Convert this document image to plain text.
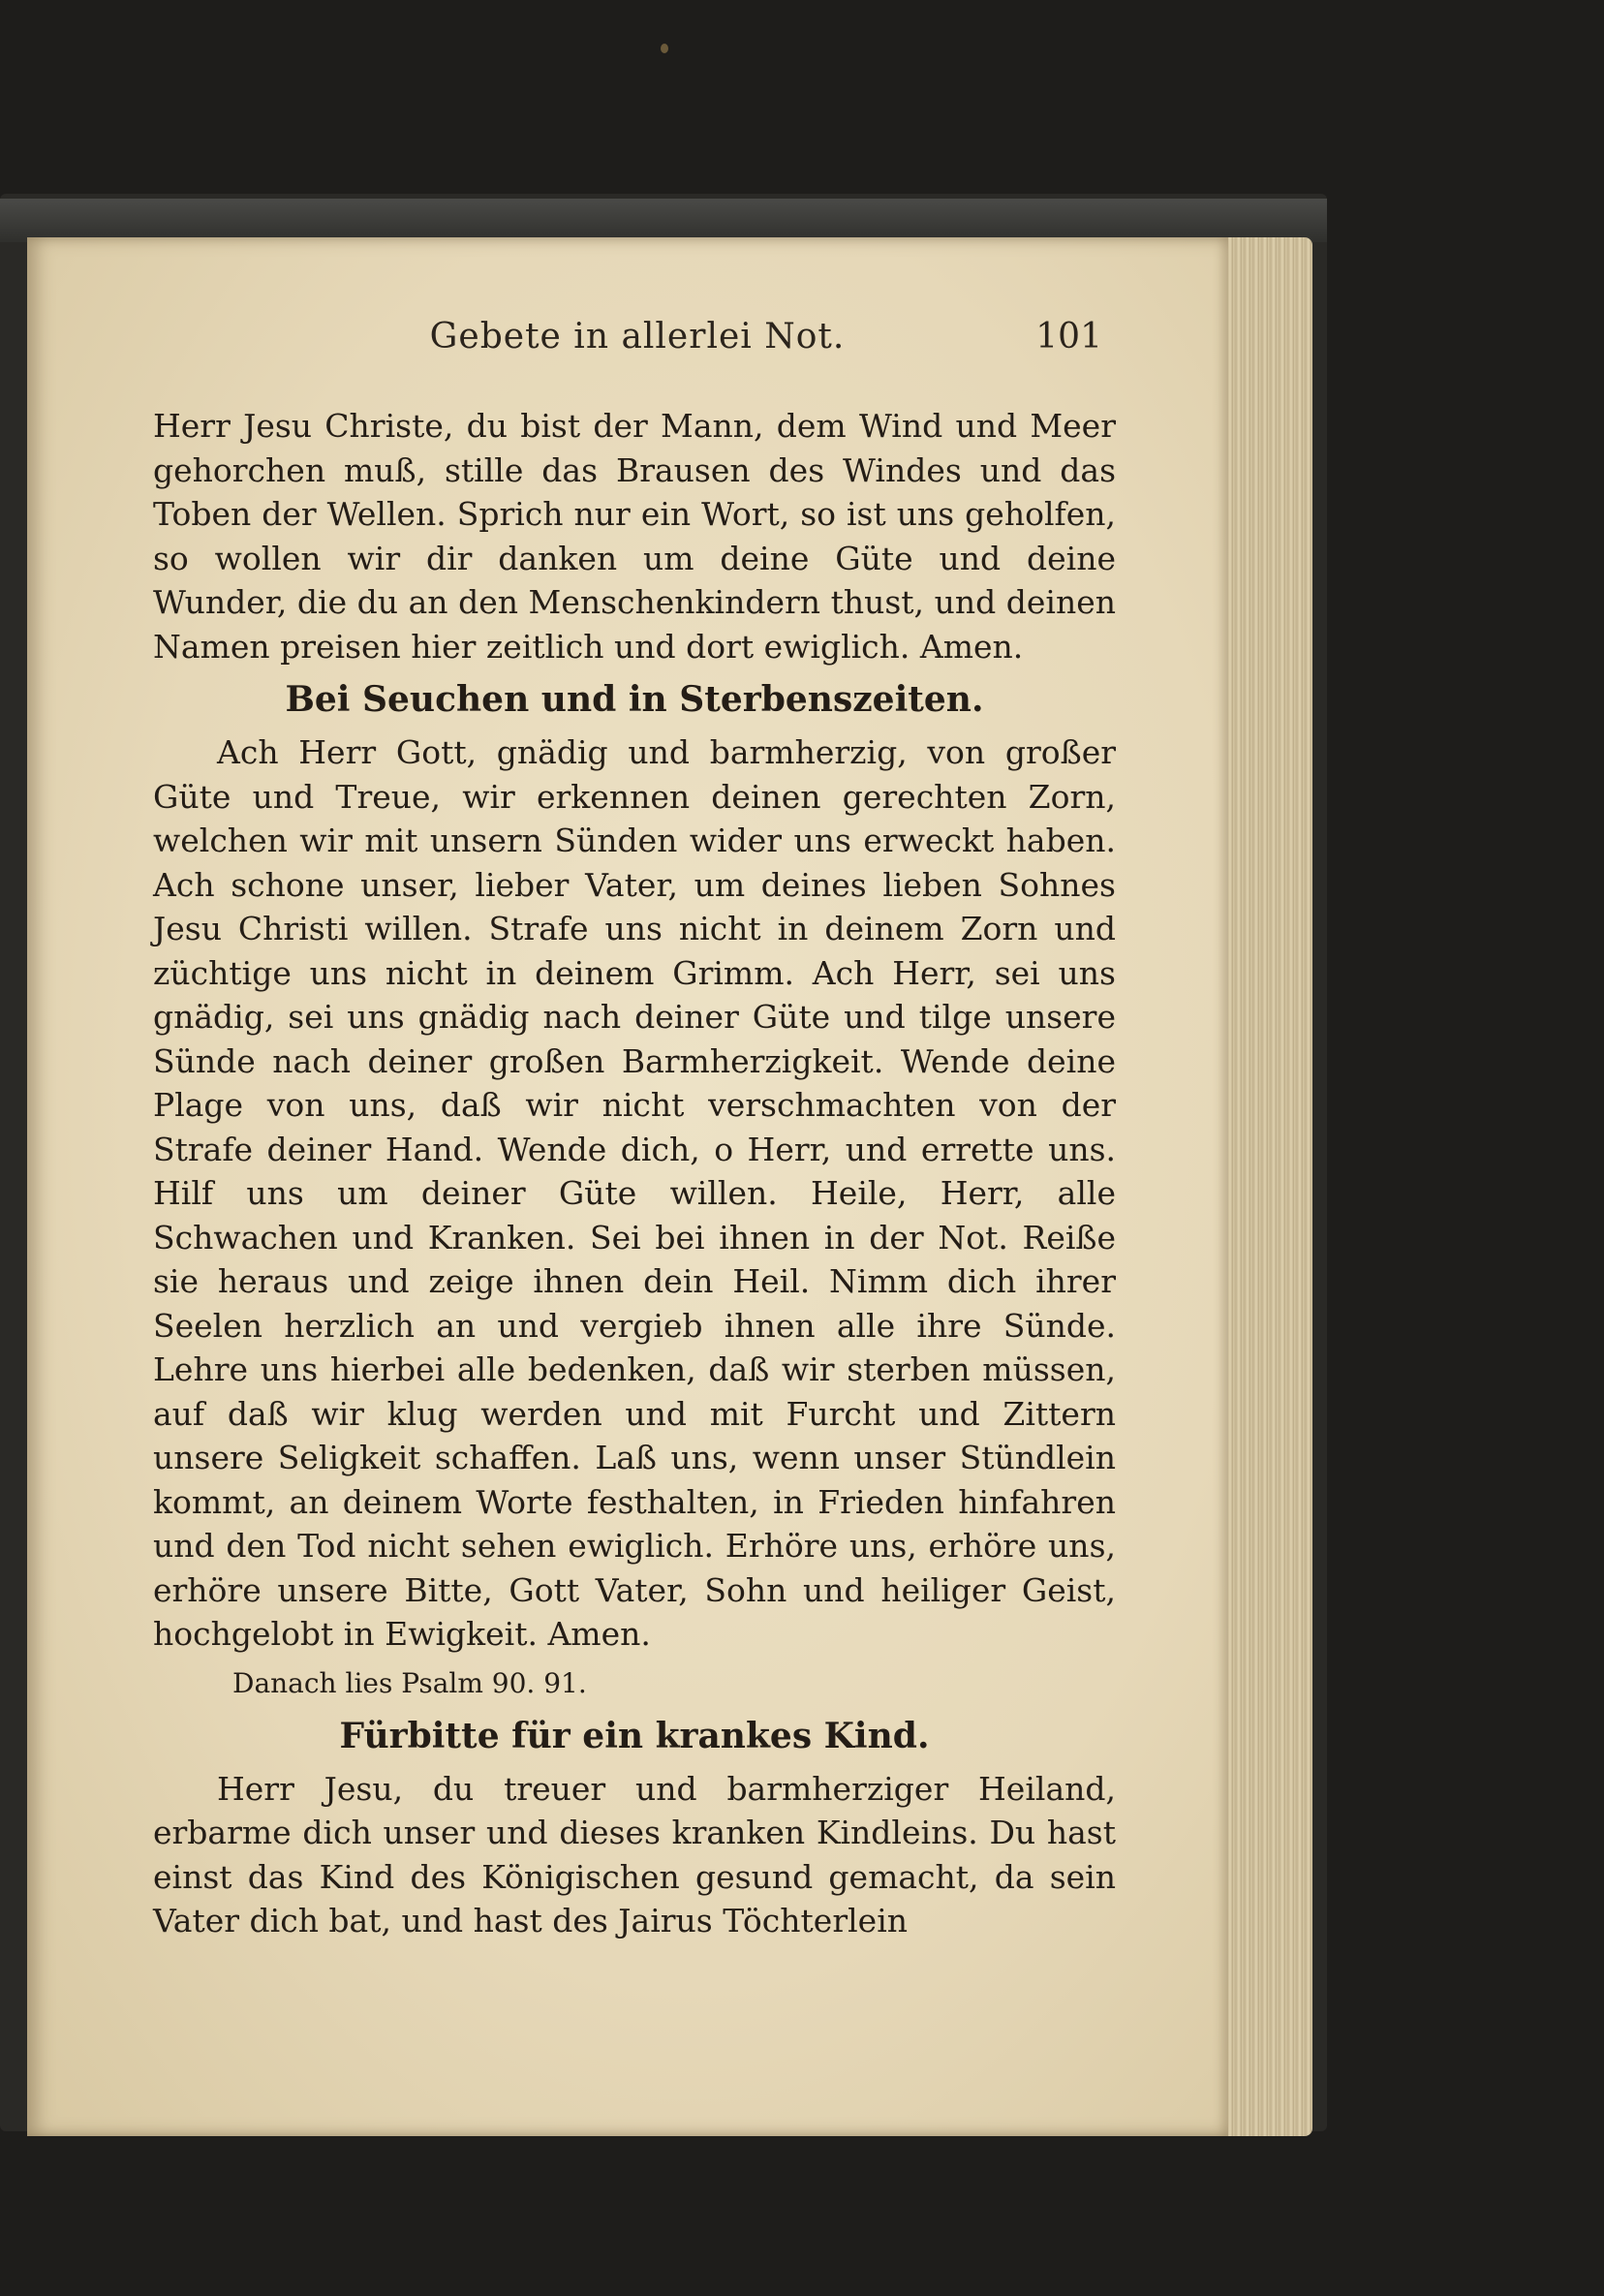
Gebete in allerlei Not.	101

Herr Jesu Christe, du bist der Mann, dem Wind und Meer gehorchen muß, stille das Brausen des Windes und das Toben der Wellen. Sprich nur ein Wort, so ist uns geholfen, so wollen wir dir danken um deine Güte und deine Wunder, die du an den Menschenkindern thust, und deinen Namen preisen hier zeitlich und dort ewiglich. Amen.

Bei Seuchen und in Sterbenszeiten.

Ach Herr Gott, gnädig und barmherzig, von großer Güte und Treue, wir erkennen deinen gerechten Zorn, welchen wir mit unsern Sünden wider uns erweckt haben. Ach schone unser, lieber Vater, um deines lieben Sohnes Jesu Christi willen. Strafe uns nicht in deinem Zorn und züchtige uns nicht in deinem Grimm. Ach Herr, sei uns gnädig, sei uns gnädig nach deiner Güte und tilge unsere Sünde nach deiner großen Barmherzigkeit. Wende deine Plage von uns, daß wir nicht verschmachten von der Strafe deiner Hand. Wende dich, o Herr, und errette uns. Hilf uns um deiner Güte willen. Heile, Herr, alle Schwachen und Kranken. Sei bei ihnen in der Not. Reiße sie heraus und zeige ihnen dein Heil. Nimm dich ihrer Seelen herzlich an und vergieb ihnen alle ihre Sünde. Lehre uns hierbei alle bedenken, daß wir sterben müssen, auf daß wir klug werden und mit Furcht und Zittern unsere Seligkeit schaffen. Laß uns, wenn unser Stündlein kommt, an deinem Worte festhalten, in Frieden hinfahren und den Tod nicht sehen ewiglich. Erhöre uns, erhöre uns, erhöre unsere Bitte, Gott Vater, Sohn und heiliger Geist, hochgelobt in Ewigkeit. Amen.

Danach lies Psalm 90. 91.

Fürbitte für ein krankes Kind.

Herr Jesu, du treuer und barmherziger Heiland, erbarme dich unser und dieses kranken Kindleins. Du hast einst das Kind des Königischen gesund gemacht, da sein Vater dich bat, und hast des Jairus Töchterlein
